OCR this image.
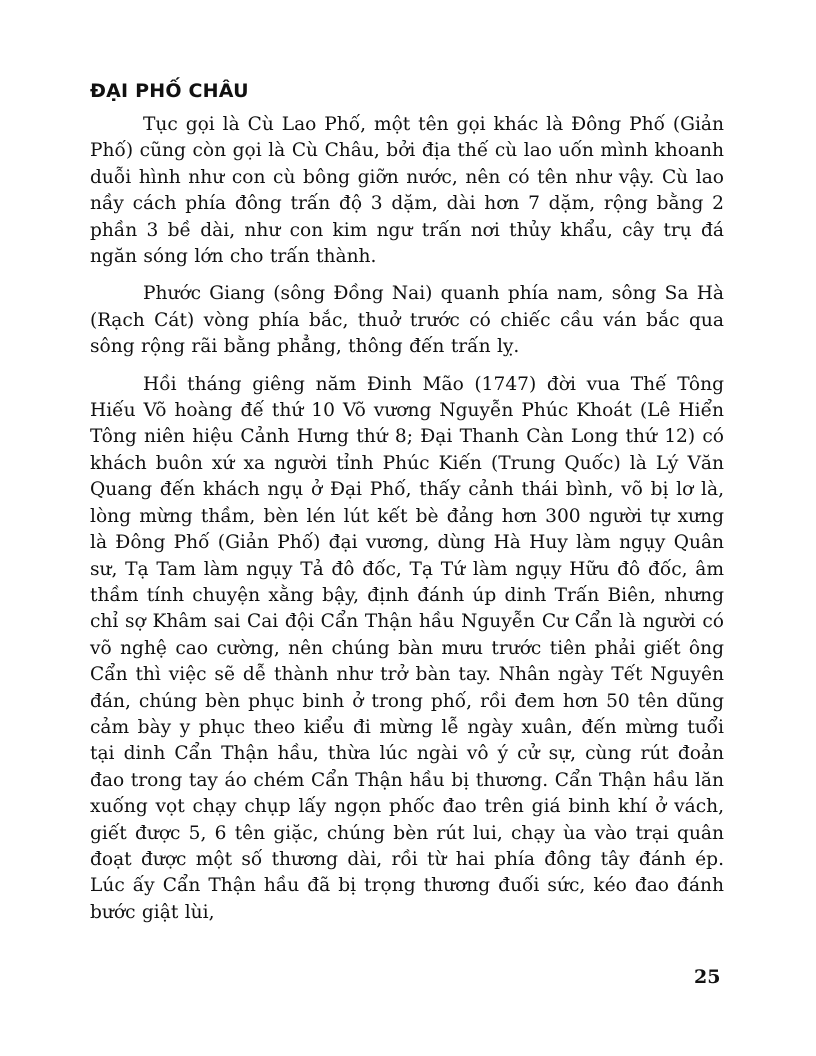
ĐẠI PHỐ CHÂU

Tục gọi là Cù Lao Phố, một tên gọi khác là Đông Phố (Giản Phố) cũng còn gọi là Cù Châu, bởi địa thế cù lao uốn mình khoanh duỗi hình như con cù bông giỡn nước, nên có tên như vậy. Cù lao nầy cách phía đông trấn độ 3 dặm, dài hơn 7 dặm, rộng bằng 2 phần 3 bề dài, như con kim ngư trấn nơi thủy khẩu, cây trụ đá ngăn sóng lớn cho trấn thành.

Phước Giang (sông Đồng Nai) quanh phía nam, sông Sa Hà (Rạch Cát) vòng phía bắc, thuở trước có chiếc cầu ván bắc qua sông rộng rãi bằng phẳng, thông đến trấn lỵ.

Hồi tháng giêng năm Đinh Mão (1747) đời vua Thế Tông Hiếu Võ hoàng đế thứ 10 Võ vương Nguyễn Phúc Khoát (Lê Hiển Tông niên hiệu Cảnh Hưng thứ 8; Đại Thanh Càn Long thứ 12) có khách buôn xứ xa người tỉnh Phúc Kiến (Trung Quốc) là Lý Văn Quang đến khách ngụ ở Đại Phố, thấy cảnh thái bình, võ bị lơ là, lòng mừng thầm, bèn lén lút kết bè đảng hơn 300 người tự xưng là Đông Phố (Giản Phố) đại vương, dùng Hà Huy làm ngụy Quân sư, Tạ Tam làm ngụy Tả đô đốc, Tạ Tứ làm ngụy Hữu đô đốc, âm thầm tính chuyện xằng bậy, định đánh úp dinh Trấn Biên, nhưng chỉ sợ Khâm sai Cai đội Cẩn Thận hầu Nguyễn Cư Cẩn là người có võ nghệ cao cường, nên chúng bàn mưu trước tiên phải giết ông Cẩn thì việc sẽ dễ thành như trở bàn tay. Nhân ngày Tết Nguyên đán, chúng bèn phục binh ở trong phố, rồi đem hơn 50 tên dũng cảm bày y phục theo kiểu đi mừng lễ ngày xuân, đến mừng tuổi tại dinh Cẩn Thận hầu, thừa lúc ngài vô ý cử sự, cùng rút đoản đao trong tay áo chém Cẩn Thận hầu bị thương. Cẩn Thận hầu lăn xuống vọt chạy chụp lấy ngọn phốc đao trên giá binh khí ở vách, giết được 5, 6 tên giặc, chúng bèn rút lui, chạy ùa vào trại quân đoạt được một số thương dài, rồi từ hai phía đông tây đánh ép. Lúc ấy Cẩn Thận hầu đã bị trọng thương đuối sức, kéo đao đánh bước giật lùi,

25
